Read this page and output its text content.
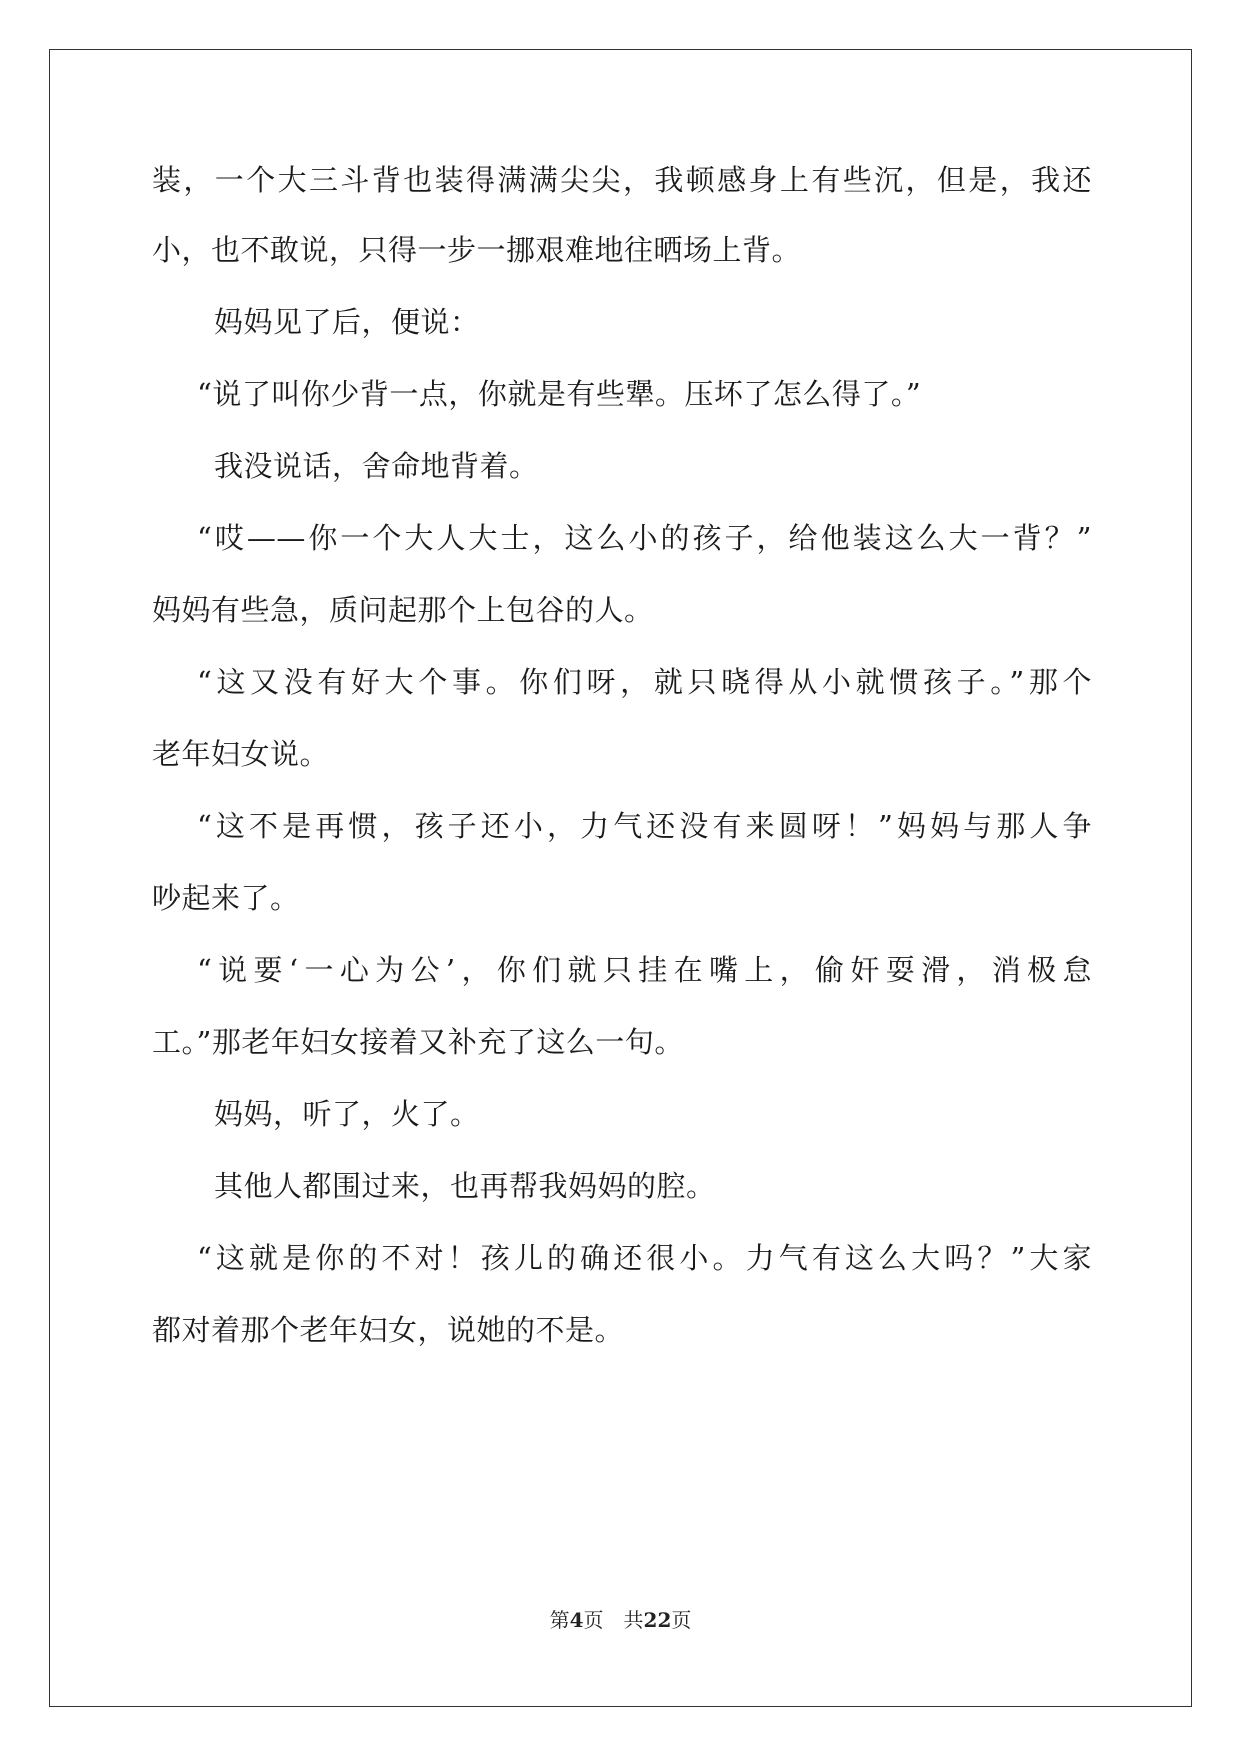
装，一个大三斗背也装得满满尖尖，我顿感身上有些沉，但是，我还
小，也不敢说，只得一步一挪艰难地往晒场上背。
妈妈见了后，便说：
“说了叫你少背一点，你就是有些犟。压坏了怎么得了。”
我没说话，舍命地背着。
“哎——你一个大人大士，这么小的孩子，给他装这么大一背？”
妈妈有些急，质问起那个上包谷的人。
“这又没有好大个事。你们呀，就只晓得从小就惯孩子。”那个
老年妇女说。
“这不是再惯，孩子还小，力气还没有来圆呀！”妈妈与那人争
吵起来了。
“说要‘一心为公’，你们就只挂在嘴上，偷奸耍滑，消极怠
工。”那老年妇女接着又补充了这么一句。
妈妈，听了，火了。
其他人都围过来，也再帮我妈妈的腔。
“这就是你的不对！孩儿的确还很小。力气有这么大吗？”大家
都对着那个老年妇女，说她的不是。
第4页　共22页
